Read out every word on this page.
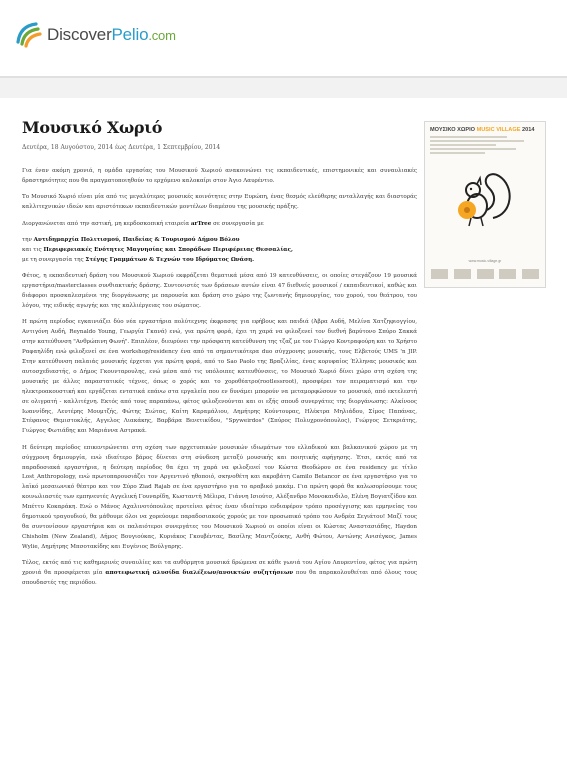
DiscoverPelio.com
Μουσικό Χωριό
Δευτέρα, 18 Αυγούστου, 2014 έως Δευτέρα, 1 Σεπτεμβρίου, 2014

Για έναν ακόμη χρονιά, η ομάδα εργασίας του Μουσικού Χωριού ανακοινώνει τις εκπαιδευτικές, επιστημονικές και συναυλιακές δραστηριότητες που θα πραγματοποιηθούν το ερχόμενο καλοκαίρι στον Άγιο Λαυρέντιο.

Το Μουσικό Χωριό είναι μία από τις μεγαλύτερες μουσικές κοινότητες στην Ευρώπη, ένας θεσμός ελεύθερης ανταλλαγής και διαστοράς καλλιτεχνικών ιδεών και αριστότεκων εκπαιδευτικών μοντέλων διαμέσου της μουσικής πράξης.

Διοργανώνεται από την αστική, μη κερδοσκοπική εταιρεία arTree σε συνεργασία με

την Αντιδημαρχία Πολιτισμού, Παιδείας & Τουρισμού Δήμου Βόλου
και τις Περιφερειακές Ενότητες Μαγνησίας και Σποράδων Περιφέρειας Θεσσαλίας,
με τη συνεργασία της Στέγης Γραμμάτων & Τεχνών του Ιδρύματος Ωνάση.

Φέτος, η εκπαιδευτική δράση του Μουσικού Χωριού εκφράζεται θεματικά μέσα από 19 κατευθύνσεις, οι οποίες στεγάζουν 19 μουσικά εργαστήρια/masterclasses συνθιακτικής δράσης. Συντονιστές των δράσεων αυτών είναι 47 διεθνείς μουσικοί / εκπαιδευτικοί, καθώς και διάφοροι προσκαλεσμένοι της διοργάνωσης με παρουσία και δράση στο χώρο της ζωντανής δημιουργίας, του χορού, του θεάτρου, του λόγου, της ειδικής αγωγής και της καλλιέργειας του σώματος.

Η πρώτη περίοδος εγκαινιάζει δύο νέα εργαστήρια πολύτεχνης έκφρασης για εφήβους και παιδιά (Άβρα Αυδή, Μελίνα Χατζηφιογγίου, Αντιγόνη Αυδή, Reynaldo Young, Γεωργία Γκανά) ενώ, για πρώτη φορά, έχει τη χαρά να φιλοξενεί τον διεθνή βαρύτονο Σπύρο Σακκά στην κατεύθυνση "Ανθρώπινη Φωνή". Επιπλέον, διευρύνει την πρόσφατη κατεύθυνση της τζαζ με τον Γιώργο Κοντραφούρη και το Χρήστο Ραφαηλίδη ενώ φιλοξενεί σε ένα workshop/residency ένα από τα σημαντικότερα duo σύγχρονης μουσικής, τους Ελβετούς UMS 'n JIP. Στην κατεύθυνση παλαιάς μουσικής έρχεται για πρώτη φορά, από το Sao Paolo της Βραζιλίας, ένας κορυφαίος Έλληνας μουσικός και αυτοσχεδιαστής, ο Δήμος Γκουνταρουλης, ενώ μέσα από τις υπόλοιπες κατευθύνσεις, το Μουσικό Χωριό δίνει χώρο στη σχέση της μουσικής με άλλες παραστατικές τέχνες, όπως ο χορός και το χοροθέατρο(rootlessroot), προσφέρει τον πειραματισμό και την ηλεκτροακουστική και εργάζεται εντατικά επάνω στα εργαλεία που εν δυνάμει μπορούν να μεταμορφώσουν το μουσικό, από εκτελεστή σε ολιγρατή - καλλιτέχνη. Εκτός από τους παραπάνω, φέτος φιλοξενούνται και οι εξής σπουδ συνεργάτες της διοργάνωσης: Αλκίνοος Ιωαννίδης, Λευτέρης Μουμτζής, Φώτης Σιώτας, Καίτη Καραμάλιου, Δημήτρης Κούντουρας, Ηλέκτρα Μηλιάδου, Σίμος Παπάνας, Στέφανος Θεμιστοκλής, Αγγελος Λιακάκης, Βαρβάρα Βενετικίδου, "Spyweirdos" (Σπύρος Πολυχρονόπουλος), Γιώργος Σετκριάτης, Γιώργος Φωτιάδης και Μαριάννα Αστρακά.

Η δεύτερη περίοδος επικεντρώνεται στη σχέση των αρχετυπικών μουσικών ιδιωμάτων του ελλαδικού και βαλκανικού χώρου με τη σύγχρονη δημιουργία, ενώ ιδιαίτερο βάρος δίνεται στη σύνδεση μεταξύ μουσικής και ποιητικής αφήγησης. Έτσι, εκτός από τα παραδοσιακά εργαστήρια, η δεύτερη περίοδος θα έχει τη χαρά να φιλοξενεί τον Κώστα Θεοδώρου σε ένα residency με τίτλο Lost_Anthropology, ενώ πρωτοπαρουσιάζει τον Αργεντινό ηθοποιό, σκηνοθέτη και ακροβάτη Camilo Betancor σε ένα εργαστήριο για το λαϊκό μεσαιωνικό θέατρο και τον Σύρο Ziad Rajab σε ένα εργαστήριο για το αραβικό μακάμ. Για πρώτη φορά θα καλωσορίσουμε τους κοινωλιαστές των εμπηνευτές Αγγελική Γουναρίδη, Κωσταντή Μέλιρα, Γιάννη Ισιούτσ, Αλέξανδρο Μονοκανδιλο, Ελένη Βογιατζίδου και Μπέττυ Κοκαράκη. Ενώ ο Μάνος Αχαλινοτόπουλος προτείνει φέτος έναν ιδιαίτερο ενδιαφέρον τρόπο προσέγγισης και ερμηνείας του δημοτικού τραγουδιού, θα μάθουμε όλοι να χορεύουμε παραδοσιακούς χορούς με τον προσωπικό τρόπο του Ανδρέα Σεγιάτου! Μαζί τους θα συντονίσουν εργαστήρια και οι παλαιότεροι συνεργάτες του Μουσικού Χωριού οι οποίοι είναι οι Κώστας Αναστασιάδης, Haydon Chisholm (New Zealand), Δήμος Βουγιούκας, Κυριάκος Γκουβέντας, Βασίλης Μαντζούκης, Ανθή Φώτου, Αντώνης Ανισέγκος, James Wylie, Δημήτρης Μπσοτακίδης και Ευγένιος Βούλγαρης.

Τέλος, εκτός από τις καθημερινές συναυλίες και τα αυθόρμητα μουσικά δρώμενα σε κάθε γωνιά του Αγίου Λαυρεντίου, φέτος για πρώτη χρονιά θα προσφέρεται μία αποτεφωτική αλυσίδα διαλέξεων/ανοικτών συζητήσεων που θα παρακολουθείται από όλους τους σπουδαστές της περιόδου.

ΜΟΥΣΙΚΟ ΧΩΡΙΟ MUSIC VILLAGE 2014
www.music-village.gr
